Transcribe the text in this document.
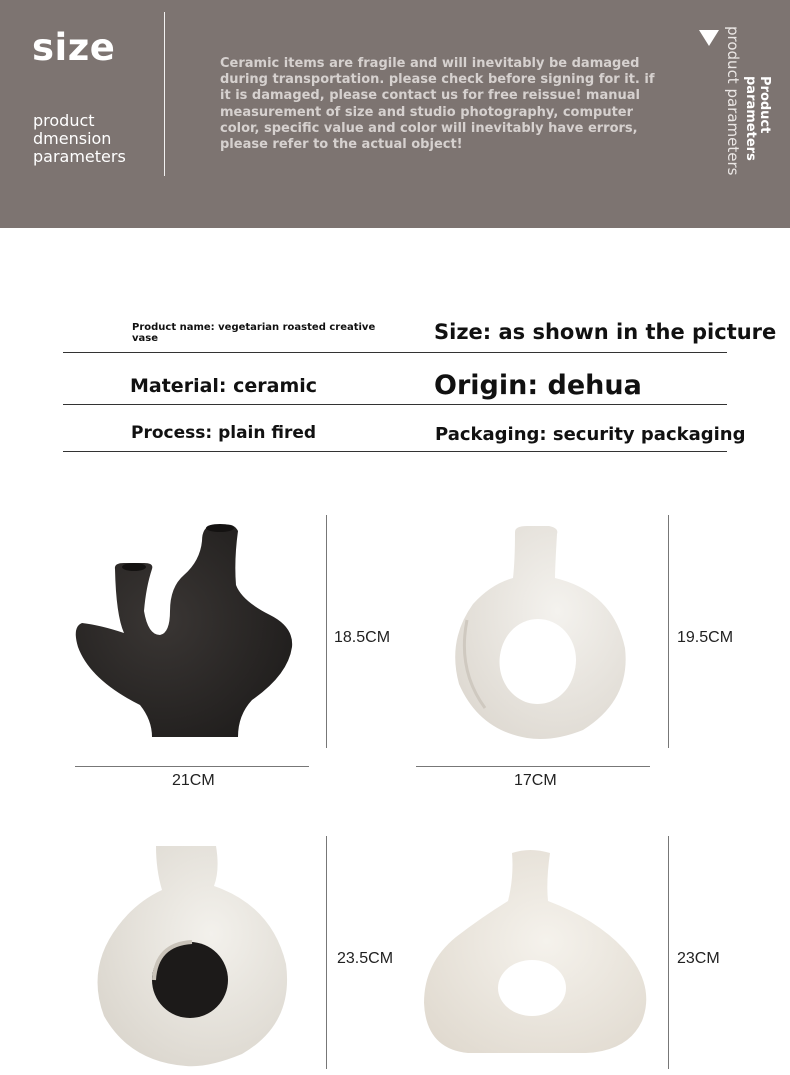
size
product
dmension
parameters
Ceramic items are fragile and will inevitably be damaged during transportation. please check before signing for it. if it is damaged, please contact us for free reissue! manual measurement of size and studio photography, computer color, specific value and color will inevitably have errors, please refer to the actual object!
Product
parameters
product parameters
Product name: vegetarian roasted creative vase	Size: as shown in the picture
Material: ceramic	Origin: dehua
Process: plain fired	Packaging: security packaging
18.5CM
21CM
19.5CM
17CM
23.5CM	23CM
